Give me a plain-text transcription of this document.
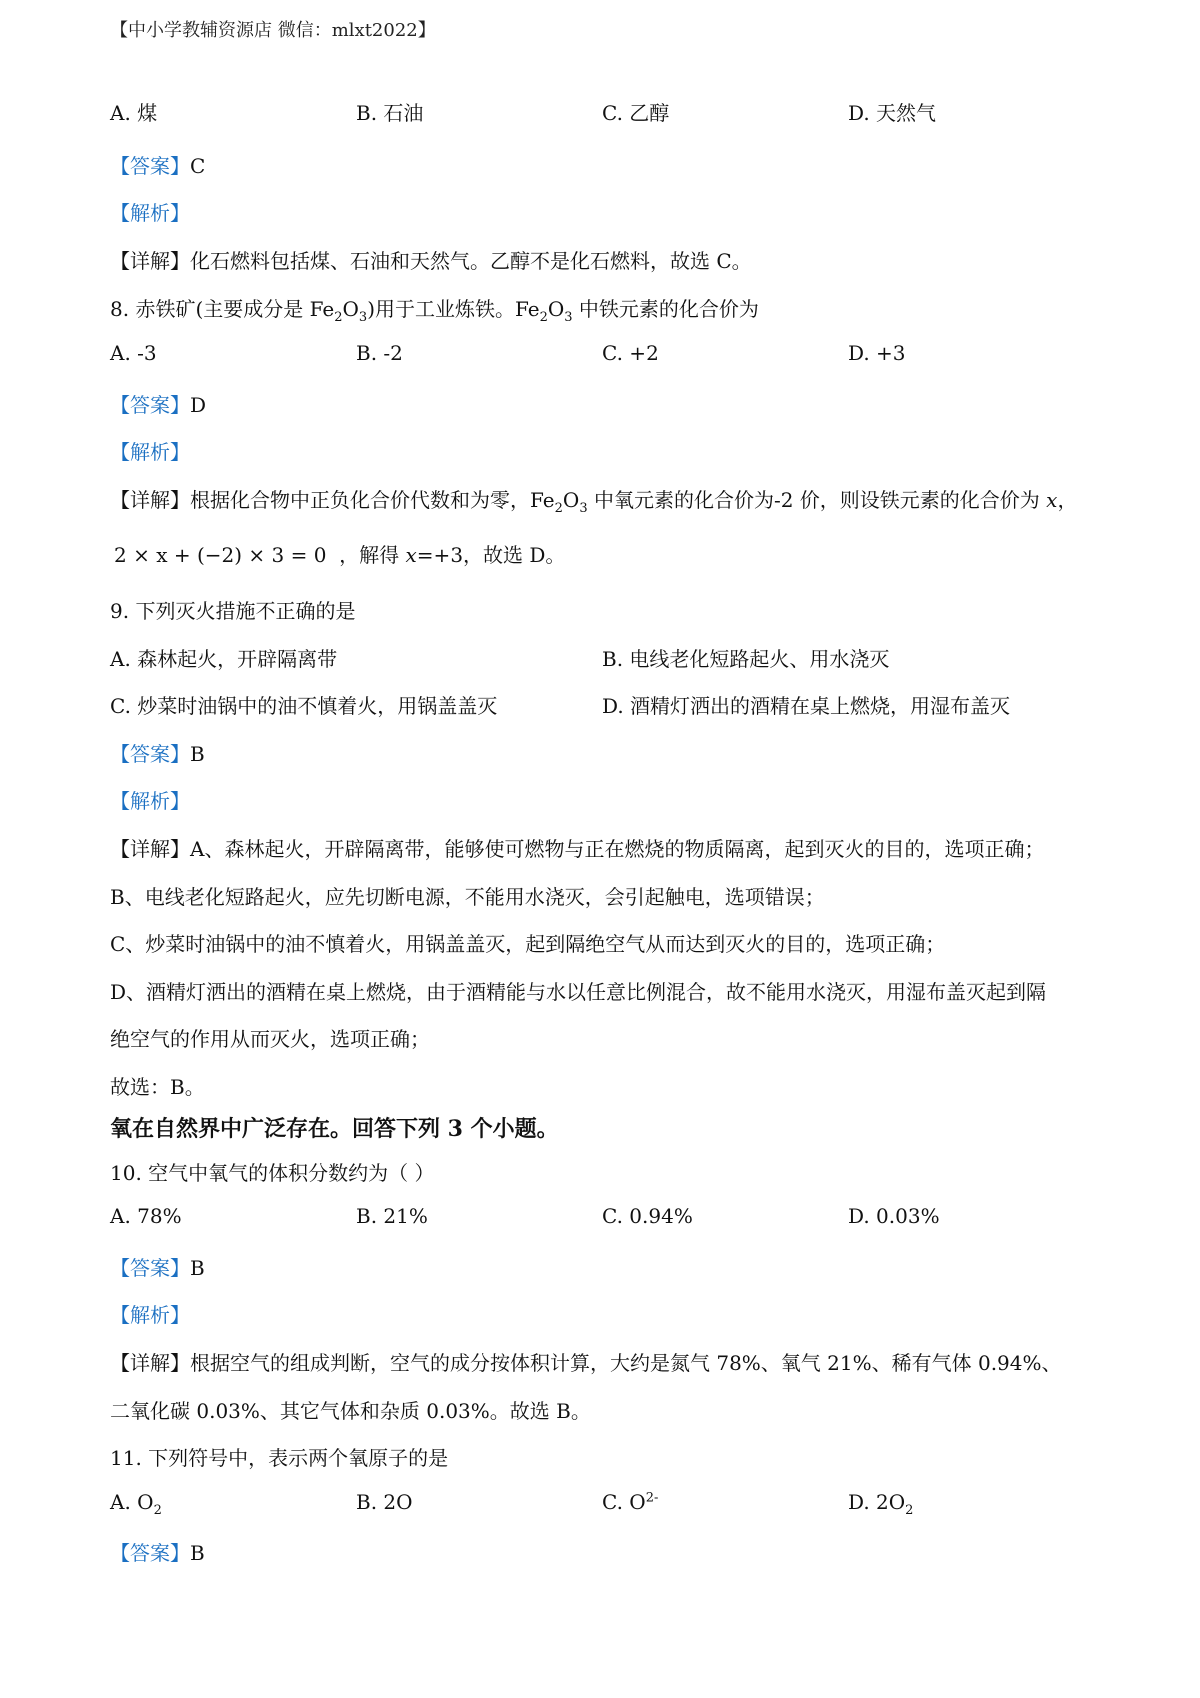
【中小学教辅资源店 微信：mlxt2022】
A. 煤	B. 石油	C. 乙醇	D. 天然气
【答案】C
【解析】
【详解】化石燃料包括煤、石油和天然气。乙醇不是化石燃料，故选 C。
8. 赤铁矿(主要成分是 $Fe_2O_3$)用于工业炼铁。$Fe_2O_3$ 中铁元素的化合价为
A. -3	B. -2	C. +2	D. +3
【答案】D
【解析】
【详解】根据化合物中正负化合价代数和为零，$Fe_2O_3$ 中氧元素的化合价为-2 价，则设铁元素的化合价为 x，
2 × x + (−2) × 3 = 0 ，解得 x=+3，故选 D。
9. 下列灭火措施不正确的是
A. 森林起火，开辟隔离带	B. 电线老化短路起火、用水浇灭
C. 炒菜时油锅中的油不慎着火，用锅盖盖灭	D. 酒精灯洒出的酒精在桌上燃烧，用湿布盖灭
【答案】B
【解析】
【详解】A、森林起火，开辟隔离带，能够使可燃物与正在燃烧的物质隔离，起到灭火的目的，选项正确；
B、电线老化短路起火，应先切断电源，不能用水浇灭，会引起触电，选项错误；
C、炒菜时油锅中的油不慎着火，用锅盖盖灭，起到隔绝空气从而达到灭火的目的，选项正确；
D、酒精灯洒出的酒精在桌上燃烧，由于酒精能与水以任意比例混合，故不能用水浇灭，用湿布盖灭起到隔
绝空气的作用从而灭火，选项正确；
故选：B。
氧在自然界中广泛存在。回答下列 3 个小题。
10. 空气中氧气的体积分数约为（ ）
A. 78%	B. 21%	C. 0.94%	D. 0.03%
【答案】B
【解析】
【详解】根据空气的组成判断，空气的成分按体积计算，大约是氮气 78%、氧气 21%、稀有气体 0.94%、
二氧化碳 0.03%、其它气体和杂质 0.03%。故选 B。
11. 下列符号中，表示两个氧原子的是
A. $O_2$	B. 2O	C. $O^{2-}$	D. $2O_2$
【答案】B
